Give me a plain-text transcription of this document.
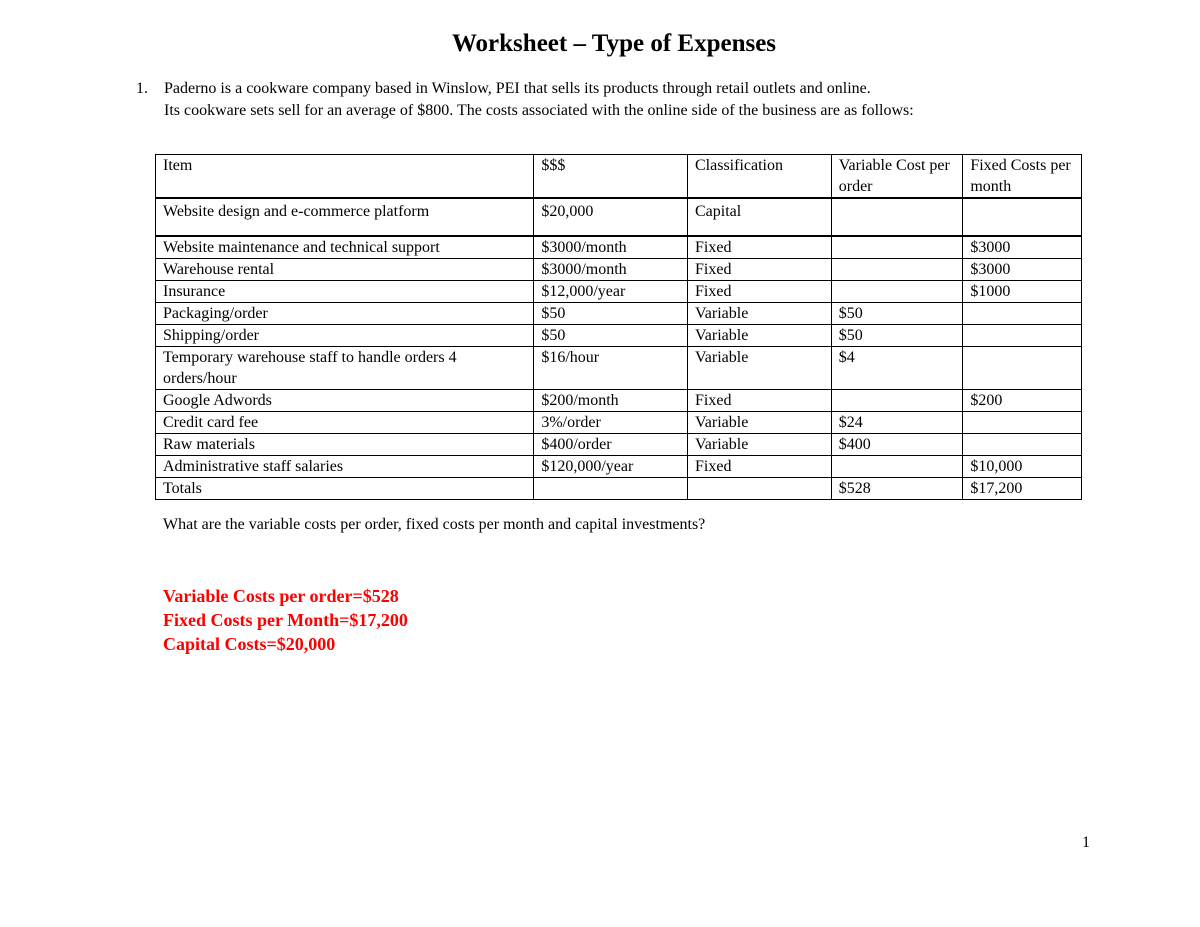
Worksheet – Type of Expenses
1. Paderno is a cookware company based in Winslow, PEI that sells its products through retail outlets and online.
Its cookware sets sell for an average of $800. The costs associated with the online side of the business are as follows:
Item	$$$	Classification	Variable Cost per order	Fixed Costs per month
Website design and e-commerce platform	$20,000	Capital		
Website maintenance and technical support	$3000/month	Fixed		$3000
Warehouse rental	$3000/month	Fixed		$3000
Insurance	$12,000/year	Fixed		$1000
Packaging/order	$50	Variable	$50	
Shipping/order	$50	Variable	$50	
Temporary warehouse staff to handle orders 4 orders/hour	$16/hour	Variable	$4	
Google Adwords	$200/month	Fixed		$200
Credit card fee	3%/order	Variable	$24	
Raw materials	$400/order	Variable	$400	
Administrative staff salaries	$120,000/year	Fixed		$10,000
Totals			$528	$17,200
What are the variable costs per order, fixed costs per month and capital investments?
Variable Costs per order=$528
Fixed Costs per Month=$17,200
Capital Costs=$20,000
1
